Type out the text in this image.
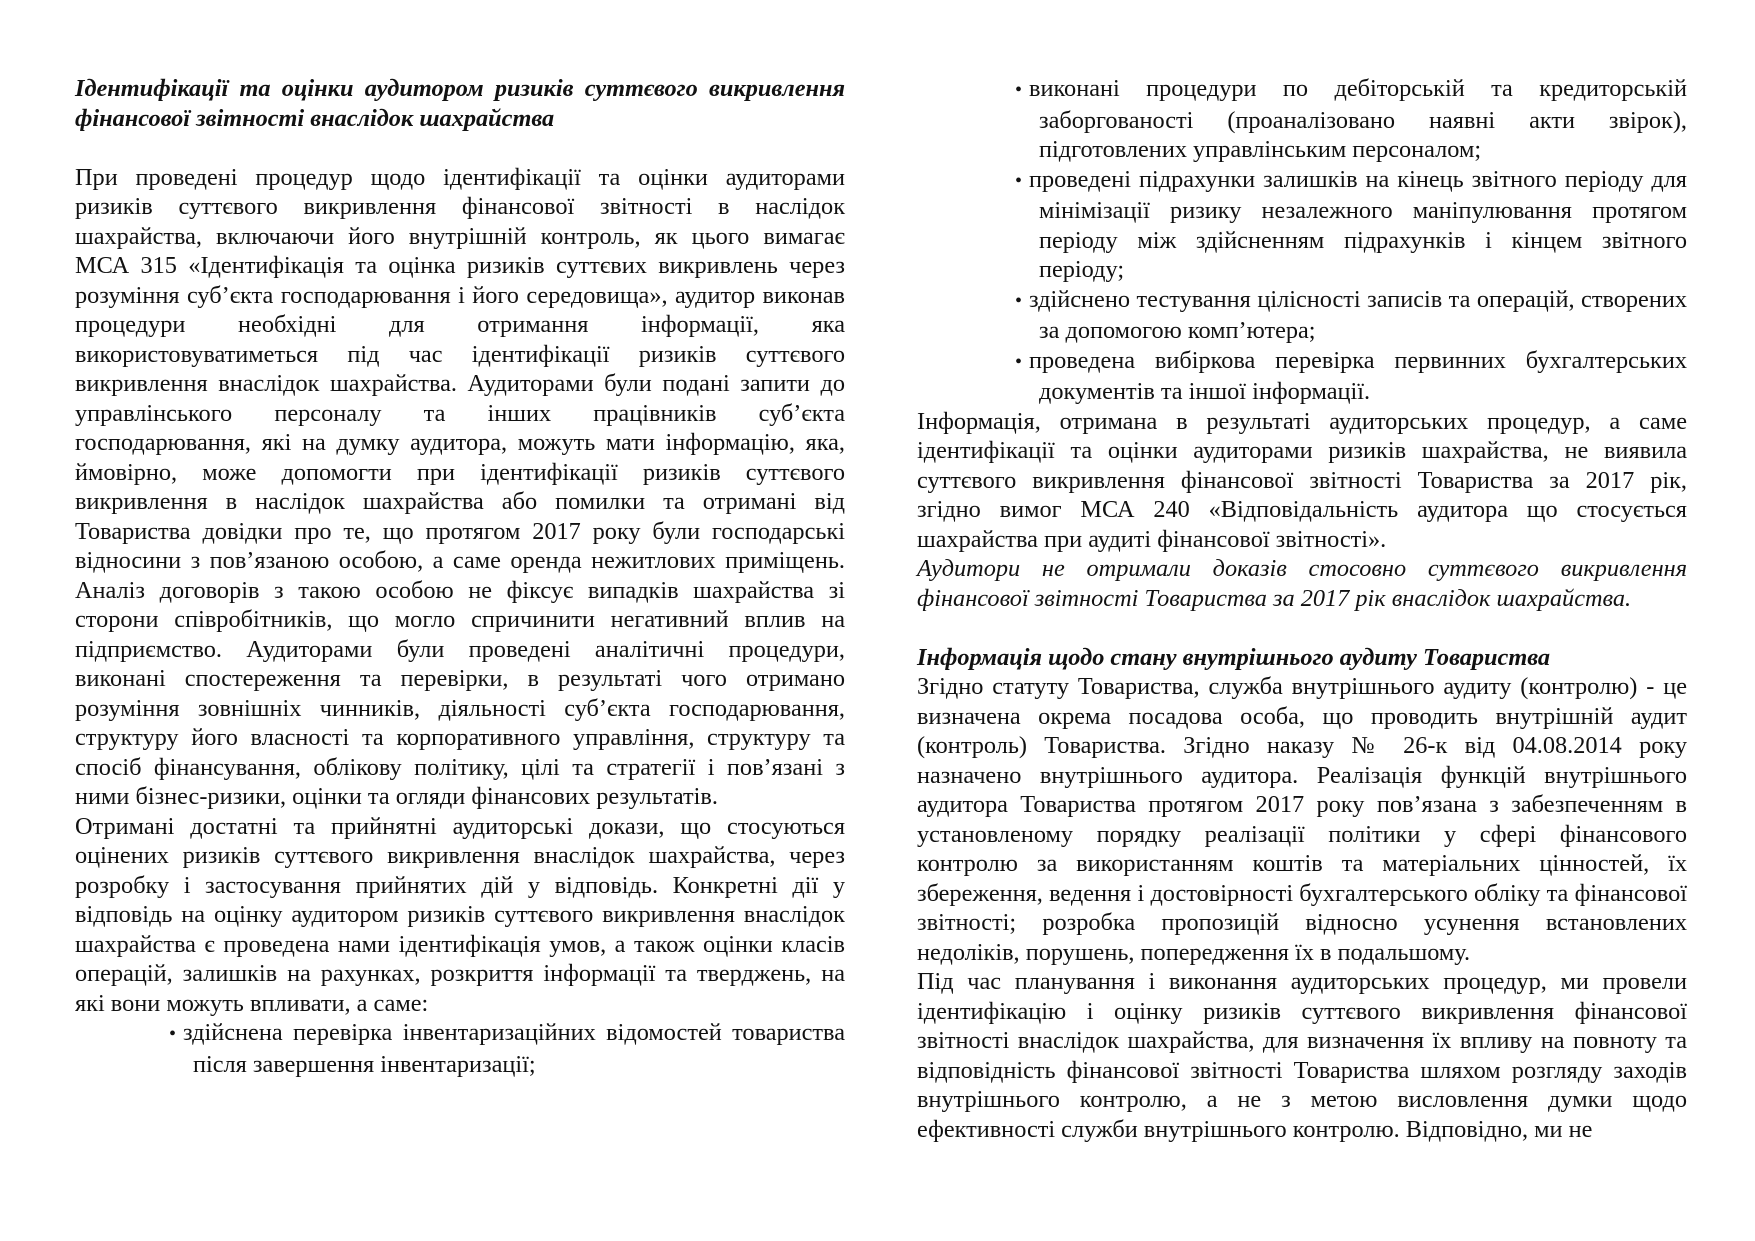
Ідентифікації та оцінки аудитором ризиків суттєвого викривлення фінансової звітності внаслідок шахрайства

При проведені процедур щодо ідентифікації та оцінки аудиторами ризиків суттєвого викривлення фінансової звітності в наслідок шахрайства, включаючи його внутрішній контроль, як цього вимагає МСА 315 «Ідентифікація та оцінка ризиків суттєвих викривлень через розуміння суб’єкта господарювання і його середовища», аудитор виконав процедури необхідні для отримання інформації, яка використовуватиметься під час ідентифікації ризиків суттєвого викривлення внаслідок шахрайства. Аудиторами були подані запити до управлінського персоналу та інших працівників суб’єкта господарювання, які на думку аудитора, можуть мати інформацію, яка, ймовірно, може допомогти при ідентифікації ризиків суттєвого викривлення в наслідок шахрайства або помилки та отримані від Товариства довідки про те, що протягом 2017 року були господарські відносини з пов’язаною особою, а саме оренда нежитлових приміщень. Аналіз договорів з такою особою не фіксує випадків шахрайства зі сторони співробітників, що могло спричинити негативний вплив на підприємство. Аудиторами були проведені аналітичні процедури, виконані спостереження та перевірки, в результаті чого отримано розуміння зовнішніх чинників, діяльності суб’єкта господарювання, структуру його власності та корпоративного управління, структуру та спосіб фінансування, облікову політику, цілі та стратегії і пов’язані з ними бізнес-ризики, оцінки та огляди фінансових результатів.

Отримані достатні та прийнятні аудиторські докази, що стосуються оцінених ризиків суттєвого викривлення внаслідок шахрайства, через розробку і застосування прийнятих дій у відповідь. Конкретні дії у відповідь на оцінку аудитором ризиків суттєвого викривлення внаслідок шахрайства є проведена нами ідентифікація умов, а також оцінки класів операцій, залишків на рахунках, розкриття інформації та тверджень, на які вони можуть впливати, а саме:

• здійснена перевірка інвентаризаційних відомостей товариства після завершення інвентаризації;
• виконані процедури по дебіторській та кредиторській заборгованості (проаналізовано наявні акти звірок), підготовлених управлінським персоналом;
• проведені підрахунки залишків на кінець звітного періоду для мінімізації ризику незалежного маніпулювання протягом періоду між здійсненням підрахунків і кінцем звітного періоду;
• здійснено тестування цілісності записів та операцій, створених за допомогою комп’ютера;
• проведена вибіркова перевірка первинних бухгалтерських документів та іншої інформації.

Інформація, отримана в результаті аудиторських процедур, а саме ідентифікації та оцінки аудиторами ризиків шахрайства, не виявила суттєвого викривлення фінансової звітності Товариства за 2017 рік, згідно вимог МСА 240 «Відповідальність аудитора що стосується шахрайства при аудиті фінансової звітності».

Аудитори не отримали доказів стосовно суттєвого викривлення фінансової звітності Товариства за 2017 рік внаслідок шахрайства.

Інформація щодо стану внутрішнього аудиту Товариства

Згідно статуту Товариства, служба внутрішнього аудиту (контролю) - це визначена окрема посадова особа, що проводить внутрішній аудит (контроль) Товариства. Згідно наказу № 26-к від 04.08.2014 року назначено внутрішнього аудитора. Реалізація функцій внутрішнього аудитора Товариства протягом 2017 року пов’язана з забезпеченням в установленому порядку реалізації політики у сфері фінансового контролю за використанням коштів та матеріальних цінностей, їх збереження, ведення і достовірності бухгалтерського обліку та фінансової звітності; розробка пропозицій відносно усунення встановлених недоліків, порушень, попередження їх в подальшому.

Під час планування і виконання аудиторських процедур, ми провели ідентифікацію і оцінку ризиків суттєвого викривлення фінансової звітності внаслідок шахрайства, для визначення їх впливу на повноту та відповідність фінансової звітності Товариства шляхом розгляду заходів внутрішнього контролю, а не з метою висловлення думки щодо ефективності служби внутрішнього контролю. Відповідно, ми не
